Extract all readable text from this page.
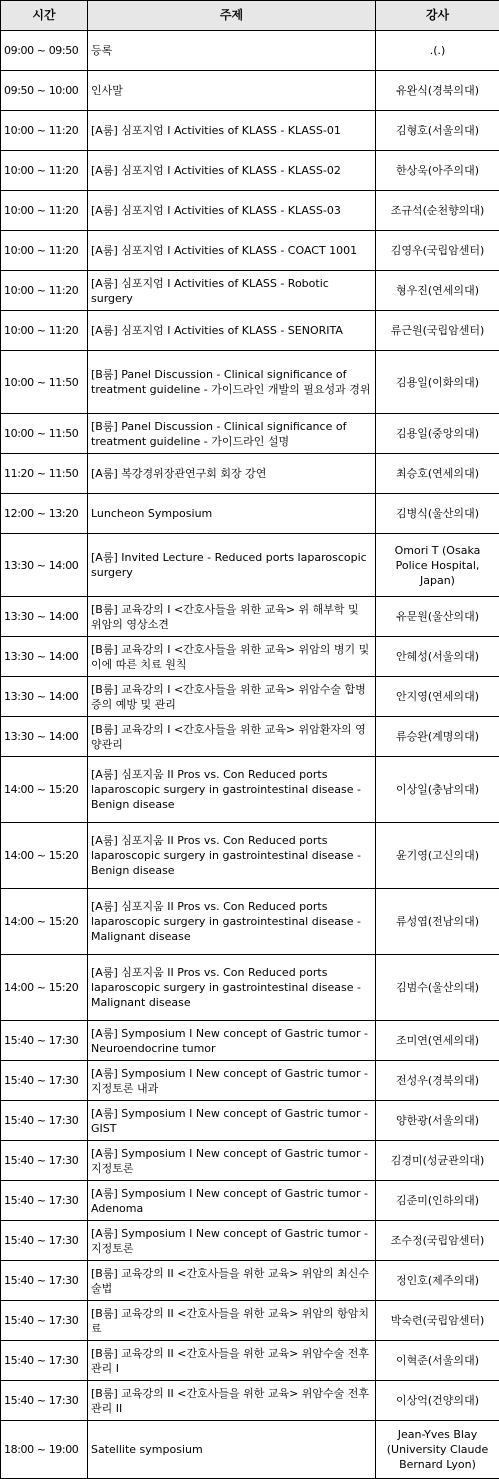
시간	주제	강사
09:00 ~ 09:50	등록	.(.)
09:50 ~ 10:00	인사말	유완식(경북의대)
10:00 ~ 11:20	[A룸] 심포지엄 I Activities of KLASS - KLASS-01	김형호(서울의대)
10:00 ~ 11:20	[A룸] 심포지엄 I Activities of KLASS - KLASS-02	한상욱(아주의대)
10:00 ~ 11:20	[A룸] 심포지엄 I Activities of KLASS - KLASS-03	조규석(순천향의대)
10:00 ~ 11:20	[A룸] 심포지엄 I Activities of KLASS - COACT 1001	김영우(국립암센터)
10:00 ~ 11:20	[A룸] 심포지엄 I Activities of KLASS - Robotic surgery	형우진(연세의대)
10:00 ~ 11:20	[A룸] 심포지엄 I Activities of KLASS - SENORITA	류근원(국립암센터)
10:00 ~ 11:50	[B룸] Panel Discussion - Clinical significance of treatment guideline - 가이드라인 개발의 필요성과 경위	김용일(이화의대)
10:00 ~ 11:50	[B룸] Panel Discussion - Clinical significance of treatment guideline - 가이드라인 설명	김용일(중앙의대)
11:20 ~ 11:50	[A룸] 복강경위장관연구회 회장 강연	최승호(연세의대)
12:00 ~ 13:20	Luncheon Symposium	김병식(울산의대)
13:30 ~ 14:00	[A룸] Invited Lecture - Reduced ports laparoscopic surgery	Omori T (Osaka Police Hospital, Japan)
13:30 ~ 14:00	[B룸] 교육강의 I <간호사들을 위한 교육> 위 해부학 및 위암의 영상소견	유문원(울산의대)
13:30 ~ 14:00	[B룸] 교육강의 I <간호사들을 위한 교육> 위암의 병기 및 이에 따른 치료 원칙	안혜성(서울의대)
13:30 ~ 14:00	[B룸] 교육강의 I <간호사들을 위한 교육> 위암수술 합병증의 예방 및 관리	안지영(연세의대)
13:30 ~ 14:00	[B룸] 교육강의 I <간호사들을 위한 교육> 위암환자의 영양관리	류승완(계명의대)
14:00 ~ 15:20	[A룸] 심포지움 II Pros vs. Con Reduced ports laparoscopic surgery in gastrointestinal disease - Benign disease	이상일(충남의대)
14:00 ~ 15:20	[A룸] 심포지움 II Pros vs. Con Reduced ports laparoscopic surgery in gastrointestinal disease - Benign disease	윤기영(고신의대)
14:00 ~ 15:20	[A룸] 심포지움 II Pros vs. Con Reduced ports laparoscopic surgery in gastrointestinal disease - Malignant disease	류성엽(전남의대)
14:00 ~ 15:20	[A룸] 심포지움 II Pros vs. Con Reduced ports laparoscopic surgery in gastrointestinal disease - Malignant disease	김범수(울산의대)
15:40 ~ 17:30	[A룸] Symposium I New concept of Gastric tumor - Neuroendocrine tumor	조미연(연세의대)
15:40 ~ 17:30	[A룸] Symposium I New concept of Gastric tumor - 지정토론 내과	전성우(경북의대)
15:40 ~ 17:30	[A룸] Symposium I New concept of Gastric tumor - GIST	양한광(서울의대)
15:40 ~ 17:30	[A룸] Symposium I New concept of Gastric tumor - 지정토론	김경미(성균관의대)
15:40 ~ 17:30	[A룸] Symposium I New concept of Gastric tumor - Adenoma	김준미(인하의대)
15:40 ~ 17:30	[A룸] Symposium I New concept of Gastric tumor - 지정토론	조수정(국립암센터)
15:40 ~ 17:30	[B룸] 교육강의 II <간호사들을 위한 교육> 위암의 최신수술법	정인호(제주의대)
15:40 ~ 17:30	[B룸] 교육강의 II <간호사들을 위한 교육> 위암의 항암치료	박숙련(국립암센터)
15:40 ~ 17:30	[B룸] 교육강의 II <간호사들을 위한 교육> 위암수술 전후 관리 I	이혁준(서울의대)
15:40 ~ 17:30	[B룸] 교육강의 II <간호사들을 위한 교육> 위암수술 전후 관리 II	이상억(건양의대)
18:00 ~ 19:00	Satellite symposium	Jean-Yves Blay (University Claude Bernard Lyon)
